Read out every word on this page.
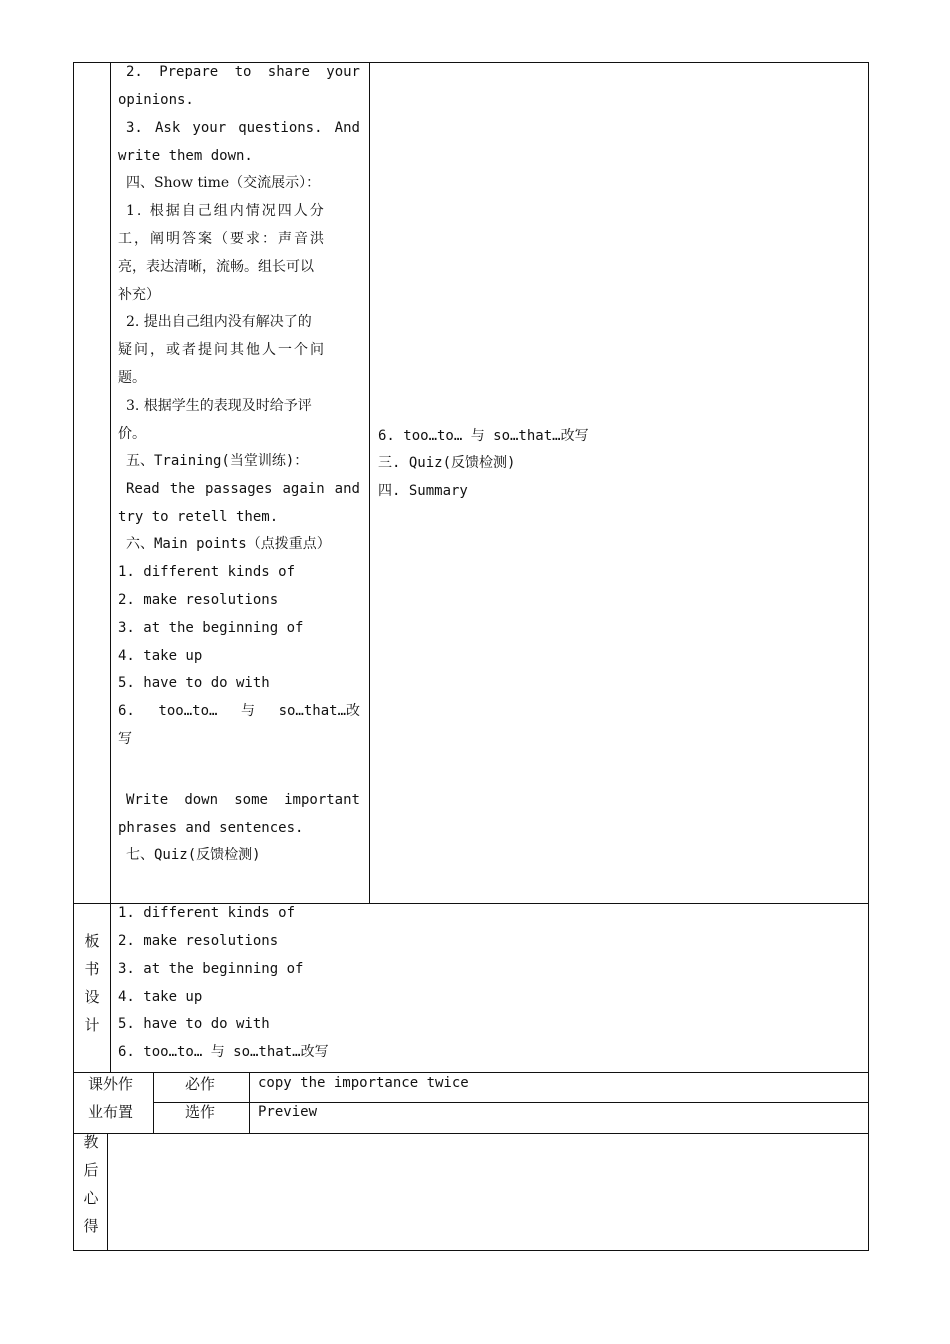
2. Prepare to share your
opinions.
3. Ask your questions. And
write them down.
四、Show time（交流展示）：
1. 根据自己组内情况四人分
工，阐明答案（要求：声音洪
亮，表达清晰，流畅。组长可以
补充）
2. 提出自己组内没有解决了的
疑问，或者提问其他人一个问
题。
3. 根据学生的表现及时给予评
价。
五、Training(当堂训练)：
Read the passages again and
try to retell them.
六、Main points（点拨重点）
1. different kinds of
2. make resolutions
3. at the beginning of
4. take up
5. have to do with
6. too…to… 与 so…that…改
写
Write down some important
phrases and sentences.
七、Quiz(反馈检测)
6. too…to… 与 so…that…改写
三. Quiz(反馈检测)
四. Summary
板
书
设
计
1. different kinds of
2. make resolutions
3. at the beginning of
4. take up
5. have to do with
6. too…to… 与 so…that…改写
课外作
业布置
必作
选作
copy the importance twice
Preview
教
后
心
得
